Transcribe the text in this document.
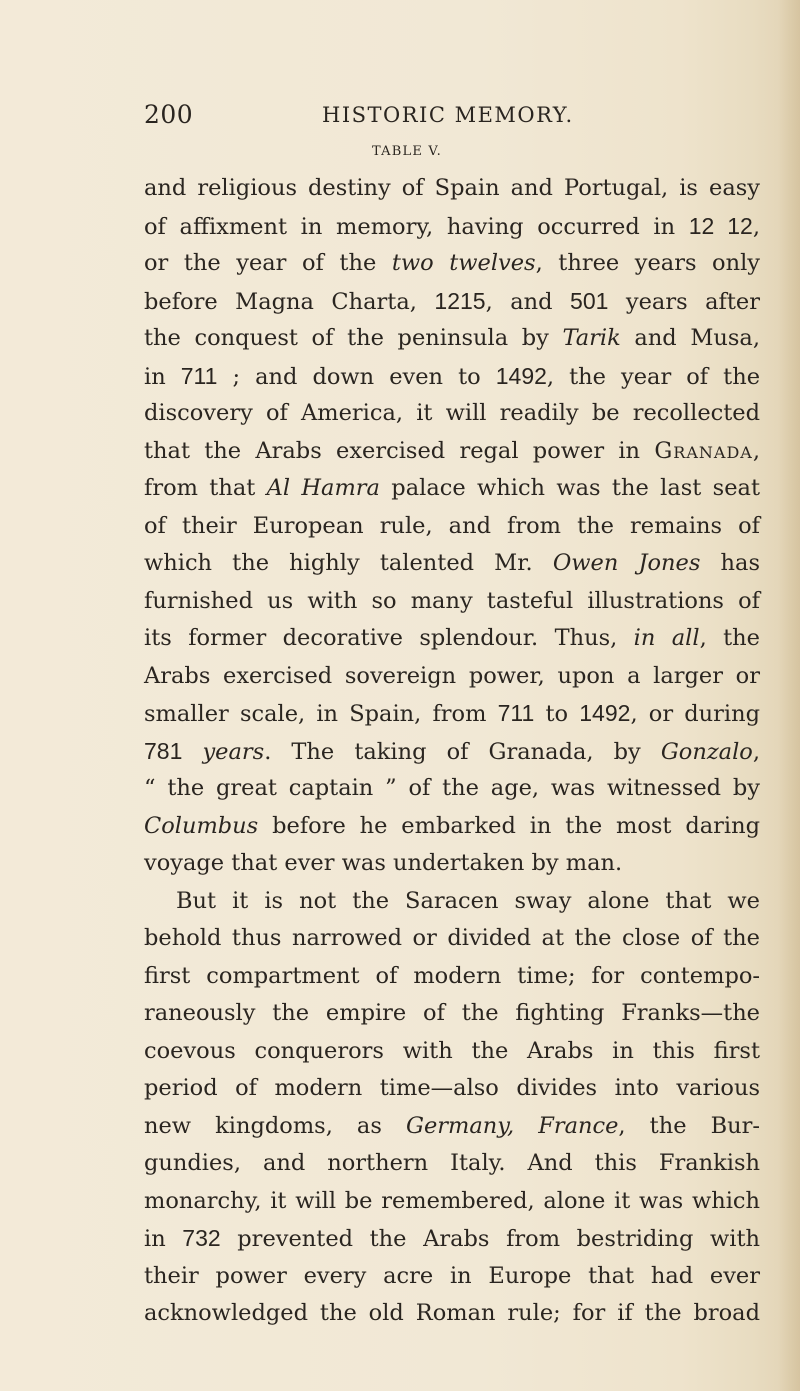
200	HISTORIC MEMORY.
TABLE V.
and religious destiny of Spain and Portugal, is easy
of affixment in memory, having occurred in 12 12,
or the year of the two twelves, three years only
before Magna Charta, 1215, and 501 years after
the conquest of the peninsula by Tarik and Musa,
in 711 ; and down even to 1492, the year of the
discovery of America, it will readily be recollected
that the Arabs exercised regal power in Granada,
from that Al Hamra palace which was the last seat
of their European rule, and from the remains of
which the highly talented Mr. Owen Jones has
furnished us with so many tasteful illustrations of
its former decorative splendour. Thus, in all, the
Arabs exercised sovereign power, upon a larger or
smaller scale, in Spain, from 711 to 1492, or during
781 years. The taking of Granada, by Gonzalo,
“ the great captain ” of the age, was witnessed by
Columbus before he embarked in the most daring
voyage that ever was undertaken by man.
But it is not the Saracen sway alone that we
behold thus narrowed or divided at the close of the
first compartment of modern time; for contempo-
raneously the empire of the fighting Franks—the
coevous conquerors with the Arabs in this first
period of modern time—also divides into various
new kingdoms, as Germany, France, the Bur-
gundies, and northern Italy. And this Frankish
monarchy, it will be remembered, alone it was which
in 732 prevented the Arabs from bestriding with
their power every acre in Europe that had ever
acknowledged the old Roman rule; for if the broad
